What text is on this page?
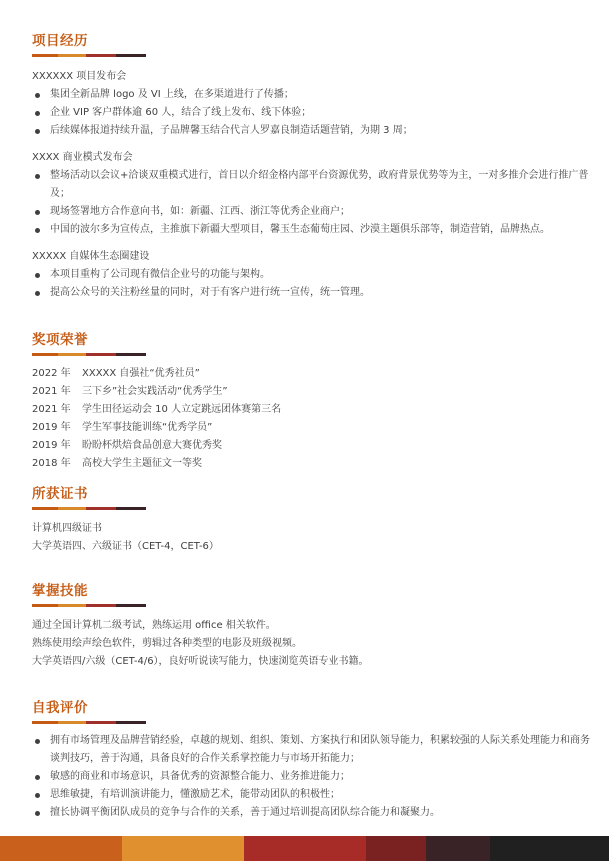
项目经历

XXXXXX 项目发布会

集团全新品牌 logo 及 VI 上线，在多渠道进行了传播；
企业 VIP 客户群体逾 60 人，结合了线上发布、线下体验；
后续媒体报道持续升温，子品牌馨玉结合代言人罗嘉良制造话题营销，为期 3 周；

XXXX 商业模式发布会

整场活动以会议+洽谈双重模式进行，首日以介绍金格内部平台资源优势，政府背景优势等为主，一对多推介会进行推广普及；
现场签署地方合作意向书，如：新疆、江西、浙江等优秀企业商户；
中国的波尔多为宣传点，主推旗下新疆大型项目，馨玉生态葡萄庄园、沙漠主题俱乐部等，制造营销，品牌热点。

XXXXX 自媒体生态圈建设

本项目重构了公司现有微信企业号的功能与架构。
提高公众号的关注粉丝量的同时，对于有客户进行统一宣传，统一管理。
奖项荣誉
2022 年	XXXXX 自强社“优秀社员”
2021 年	三下乡”社会实践活动“优秀学生”
2021 年	学生田径运动会 10 人立定跳远团体赛第三名
2019 年	学生军事技能训练“优秀学员”
2019 年	盼盼杯烘焙食品创意大赛优秀奖
2018 年	高校大学生主题征文一等奖
所获证书
计算机四级证书
大学英语四、六级证书（CET-4，CET-6）
掌握技能
通过全国计算机二级考试，熟练运用 office 相关软件。
熟练使用绘声绘色软件，剪辑过各种类型的电影及班级视频。
大学英语四/六级（CET-4/6），良好听说读写能力，快速浏览英语专业书籍。
自我评价
拥有市场管理及品牌营销经验，卓越的规划、组织、策划、方案执行和团队领导能力，积累较强的人际关系处理能力和商务谈判技巧，善于沟通，具备良好的合作关系掌控能力与市场开拓能力；
敏感的商业和市场意识，具备优秀的资源整合能力、业务推进能力；
思维敏捷，有培训演讲能力，懂激励艺术，能带动团队的积极性；
擅长协调平衡团队成员的竞争与合作的关系，善于通过培训提高团队综合能力和凝聚力。
